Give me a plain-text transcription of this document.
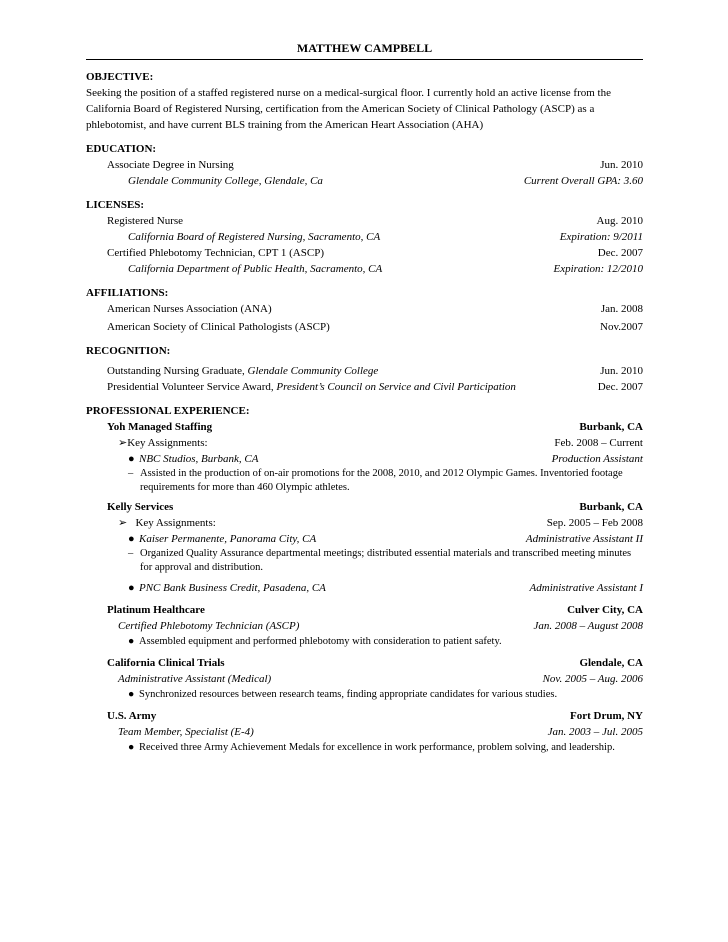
MATTHEW CAMPBELL
OBJECTIVE:

Seeking the position of a staffed registered nurse on a medical-surgical floor. I currently hold an active license from the California Board of Registered Nursing, certification from the American Society of Clinical Pathology (ASCP) as a phlebotomist, and have current BLS training from the American Heart Association (AHA)

EDUCATION:
Associate Degree in Nursing	Jun. 2010
Glendale Community College, Glendale, Ca	Current Overall GPA: 3.60
LICENSES:
Registered Nurse	Aug. 2010
California Board of Registered Nursing, Sacramento, CA	Expiration: 9/2011
Certified Phlebotomy Technician, CPT 1 (ASCP)	Dec. 2007
California Department of Public Health, Sacramento, CA	Expiration: 12/2010
AFFILIATIONS:
American Nurses Association (ANA)	Jan. 2008
American Society of Clinical Pathologists (ASCP)	Nov.2007
RECOGNITION:
Outstanding Nursing Graduate, Glendale Community College	Jun. 2010
Presidential Volunteer Service Award, President’s Council on Service and Civil Participation	Dec. 2007
PROFESSIONAL EXPERIENCE:
Yoh Managed Staffing	Burbank, CA
➢Key Assignments:	Feb. 2008 – Current
● NBC Studios, Burbank, CA	Production Assistant
– Assisted in the production of on-air promotions for the 2008, 2010, and 2012 Olympic Games. Inventoried footage requirements for more than 460 Olympic athletes.
Kelly Services	Burbank, CA
➢   Key Assignments:	Sep. 2005 – Feb 2008
● Kaiser Permanente, Panorama City, CA	Administrative Assistant II
– Organized Quality Assurance departmental meetings; distributed essential materials and transcribed meeting minutes for approval and distribution.
● PNC Bank Business Credit, Pasadena, CA	Administrative Assistant I
Platinum Healthcare	Culver City, CA
Certified Phlebotomy Technician (ASCP)	Jan. 2008 – August 2008
● Assembled equipment and performed phlebotomy with consideration to patient safety.
California Clinical Trials	Glendale, CA
Administrative Assistant (Medical)	Nov. 2005 – Aug. 2006
● Synchronized resources between research teams, finding appropriate candidates for various studies.
U.S. Army	Fort Drum, NY
Team Member, Specialist (E-4)	Jan. 2003 – Jul. 2005
● Received three Army Achievement Medals for excellence in work performance, problem solving, and leadership.
